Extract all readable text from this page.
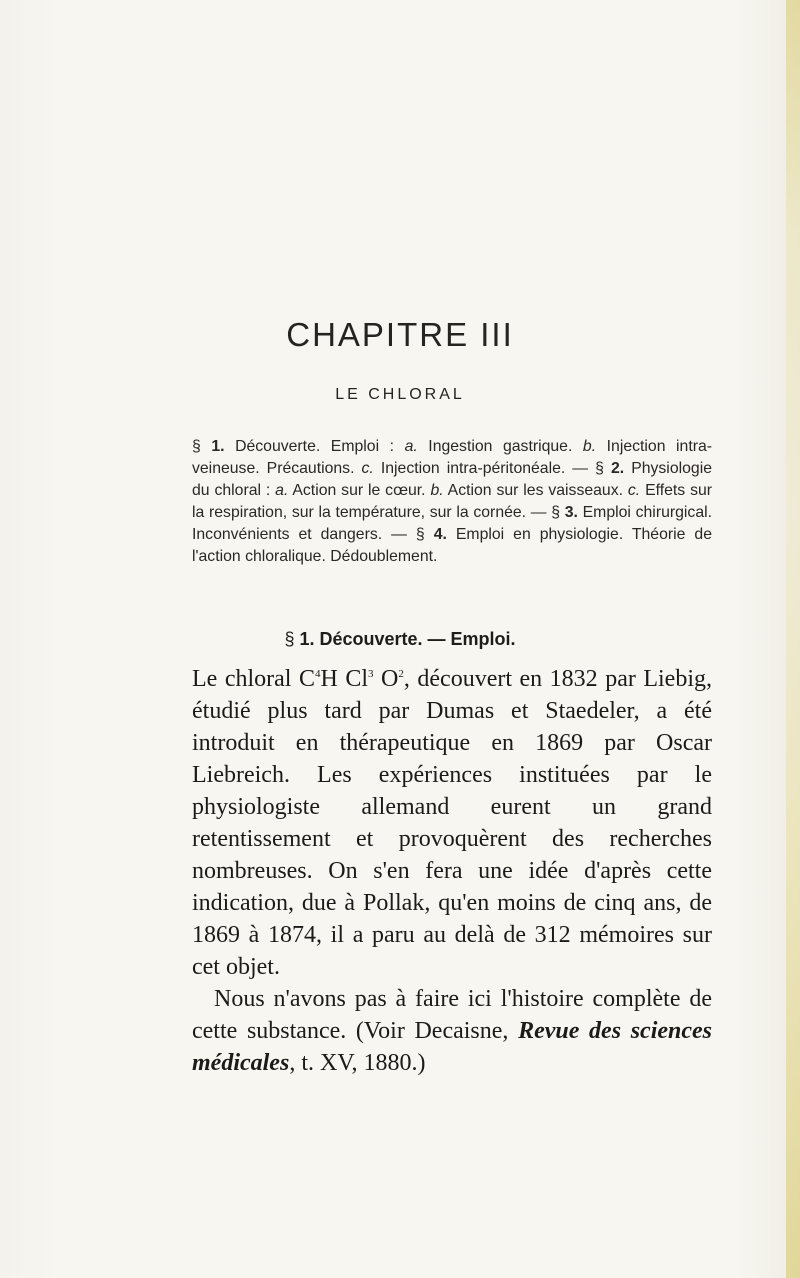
CHAPITRE III
LE CHLORAL
§ 1. Découverte. Emploi : a. Ingestion gastrique. b. Injection intra-veineuse. Précautions. c. Injection intra-péritonéale. — § 2. Physiologie du chloral : a. Action sur le cœur. b. Action sur les vaisseaux. c. Effets sur la respiration, sur la température, sur la cornée. — § 3. Emploi chirurgical. Inconvénients et dangers. — § 4. Emploi en physiologie. Théorie de l'action chloralique. Dédoublement.
§ 1. Découverte. — Emploi.

Le chloral $C^4H$ Cl$^3$ $O^2$, découvert en 1832 par Liebig, étudié plus tard par Dumas et Staedeler, a été introduit en thérapeutique en 1869 par Oscar Liebreich. Les expériences instituées par le physiologiste allemand eurent un grand retentissement et provoquèrent des recherches nombreuses. On s'en fera une idée d'après cette indication, due à Pollak, qu'en moins de cinq ans, de 1869 à 1874, il a paru au delà de 312 mémoires sur cet objet.

Nous n'avons pas à faire ici l'histoire complète de cette substance. (Voir Decaisne, Revue des sciences médicales, t. XV, 1880.)
